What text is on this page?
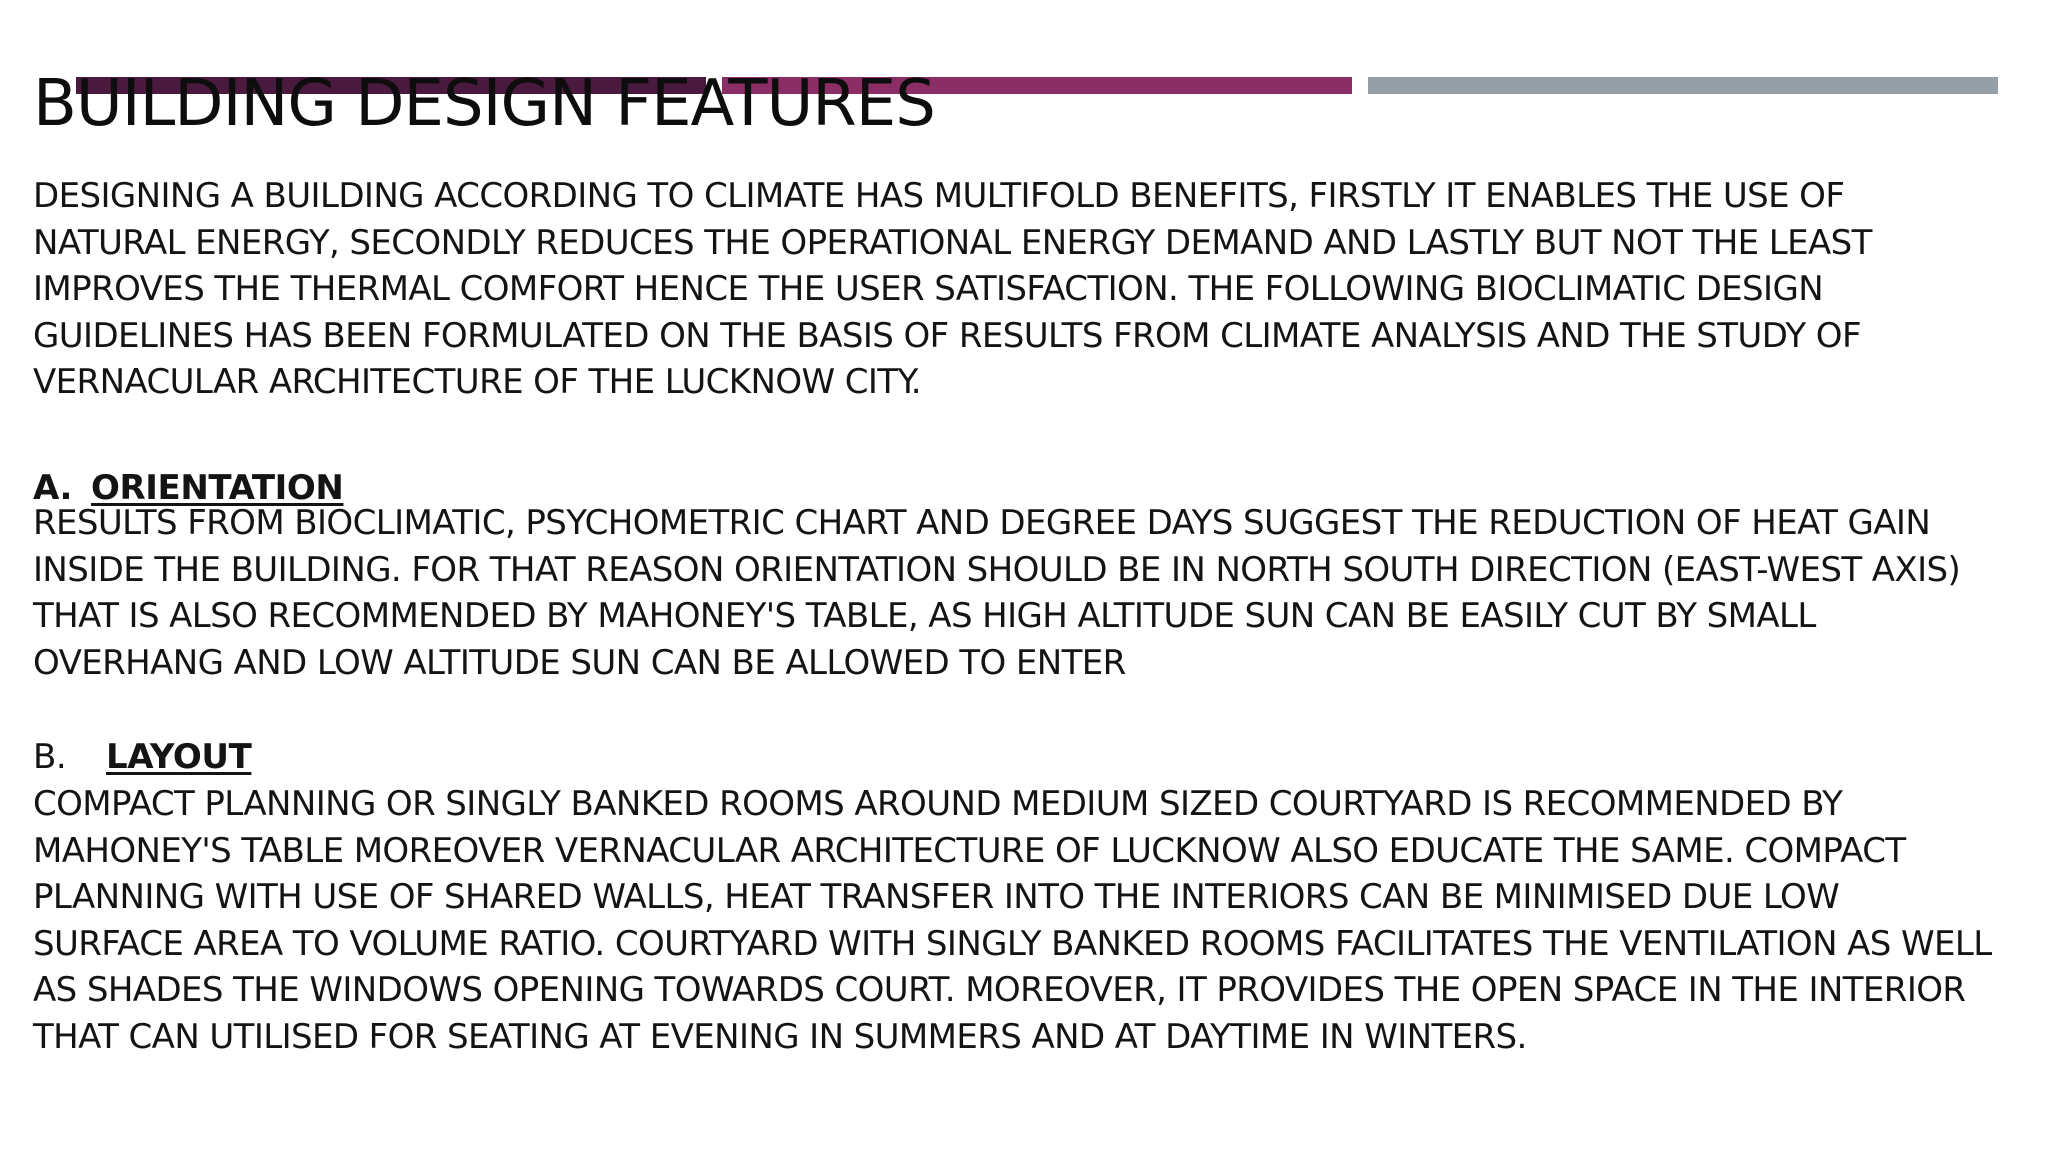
BUILDING DESIGN FEATURES

DESIGNING A BUILDING ACCORDING TO CLIMATE HAS MULTIFOLD BENEFITS, FIRSTLY IT ENABLES THE USE OF NATURAL ENERGY, SECONDLY REDUCES THE OPERATIONAL ENERGY DEMAND AND LASTLY BUT NOT THE LEAST IMPROVES THE THERMAL COMFORT HENCE THE USER SATISFACTION. THE FOLLOWING BIOCLIMATIC DESIGN GUIDELINES HAS BEEN FORMULATED ON THE BASIS OF RESULTS FROM CLIMATE ANALYSIS AND THE STUDY OF VERNACULAR ARCHITECTURE OF THE LUCKNOW CITY.

A. ORIENTATION

RESULTS FROM BIOCLIMATIC, PSYCHOMETRIC CHART AND DEGREE DAYS SUGGEST THE REDUCTION OF HEAT GAIN INSIDE THE BUILDING. FOR THAT REASON ORIENTATION SHOULD BE IN NORTH SOUTH DIRECTION (EAST-WEST AXIS) THAT IS ALSO RECOMMENDED BY MAHONEY'S TABLE, AS HIGH ALTITUDE SUN CAN BE EASILY CUT BY SMALL OVERHANG AND LOW ALTITUDE SUN CAN BE ALLOWED TO ENTER

B. LAYOUT

COMPACT PLANNING OR SINGLY BANKED ROOMS AROUND MEDIUM SIZED COURTYARD IS RECOMMENDED BY MAHONEY'S TABLE MOREOVER VERNACULAR ARCHITECTURE OF LUCKNOW ALSO EDUCATE THE SAME. COMPACT PLANNING WITH USE OF SHARED WALLS, HEAT TRANSFER INTO THE INTERIORS CAN BE MINIMISED DUE LOW SURFACE AREA TO VOLUME RATIO. COURTYARD WITH SINGLY BANKED ROOMS FACILITATES THE VENTILATION AS WELL AS SHADES THE WINDOWS OPENING TOWARDS COURT. MOREOVER, IT PROVIDES THE OPEN SPACE IN THE INTERIOR THAT CAN UTILISED FOR SEATING AT EVENING IN SUMMERS AND AT DAYTIME IN WINTERS.
